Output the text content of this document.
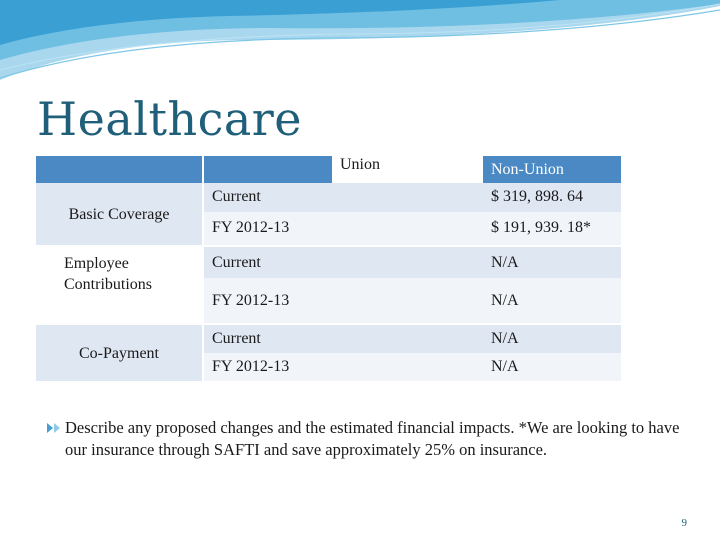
Healthcare
		Union	Non-Union
Basic Coverage	Current		$ 319, 898. 64
	FY 2012-13		$ 191, 939. 18*
Employee Contributions	Current		N/A
	FY 2012-13		N/A
Co-Payment	Current		N/A
	FY 2012-13		N/A
Describe any proposed changes and the estimated financial impacts. *We are looking to have our insurance through SAFTI and save approximately 25% on insurance.
9
